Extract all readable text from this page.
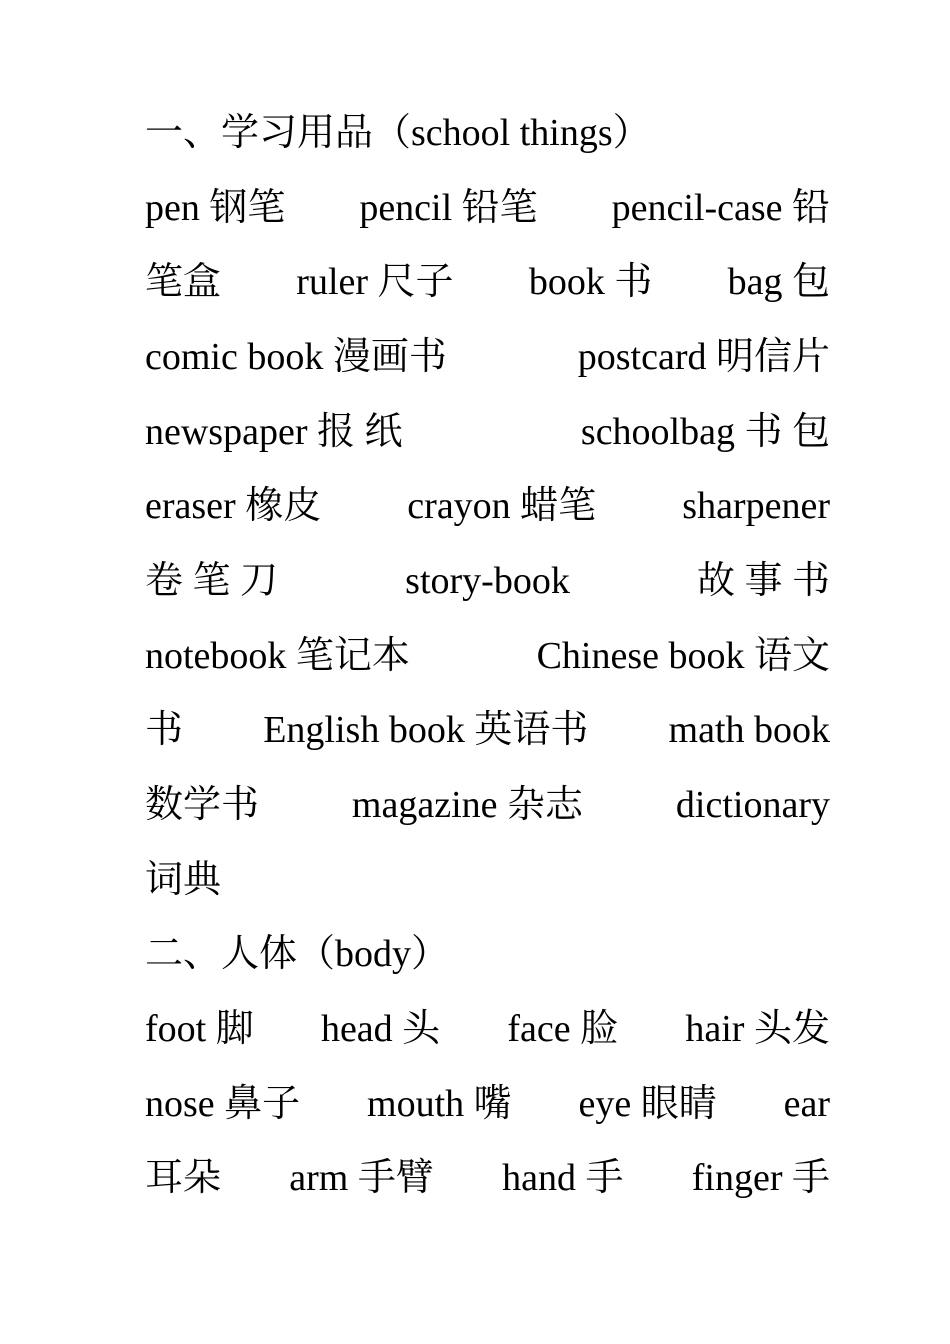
一、学习用品（school things）
pen 钢笔 pencil 铅笔 pencil-case 铅
笔盒 ruler 尺子 book 书 bag 包
comic book 漫画书	postcard 明信片
newspaper 报 纸	schoolbag 书 包
eraser 橡皮 crayon 蜡笔 sharpener
卷 笔 刀	story-book	故 事 书
notebook 笔记本	Chinese book 语文
书 English book 英语书 math book
数学书 magazine 杂志 dictionary
词典
二、人体（body）
foot 脚 head 头 face 脸 hair 头发
nose 鼻子 mouth 嘴 eye 眼睛 ear
耳朵 arm 手臂 hand 手 finger 手
